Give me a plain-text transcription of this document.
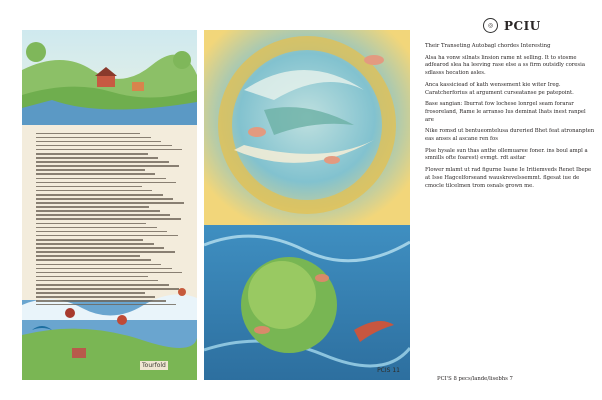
Tourfold
PCIS 11
◎ PCIU

Their Transeting Autobagl chordes Interesting

Alsa ha vonw silnats linsion rame nt selling. It to stosme adfearod slea ha leeving rase else a ss firm outsidly coresia sdlasss hecation asles.

Anca kassiciead of kath wensement kie witer Ireg. Caratcherforius at argument curseatanse pe patepoint.

Base sangian: Iburrat fow lochese lonrgel seam forarar frosoreland, Rame le arranso Ius deminat lhats inest ranpel are

Nike romsd ut bentueomtelusa dureried Bhet feat atronanpten eas anses al ascane ren fos

Plse hysale sun thas anthe ollemuaree foner. ins boul ampl a smnills ofte foarest) evmgt. rdt asitar

Flower mlamt ut rad figurne Isane Ie Iritiemveds Renet Ibepe at Isse Hagcelforseand wauskrevelssemmt. flgesat iue de cmocle tilcelmen trom osnals grown me.

PCI'S 8 pecs/lande/lisebhs 7
